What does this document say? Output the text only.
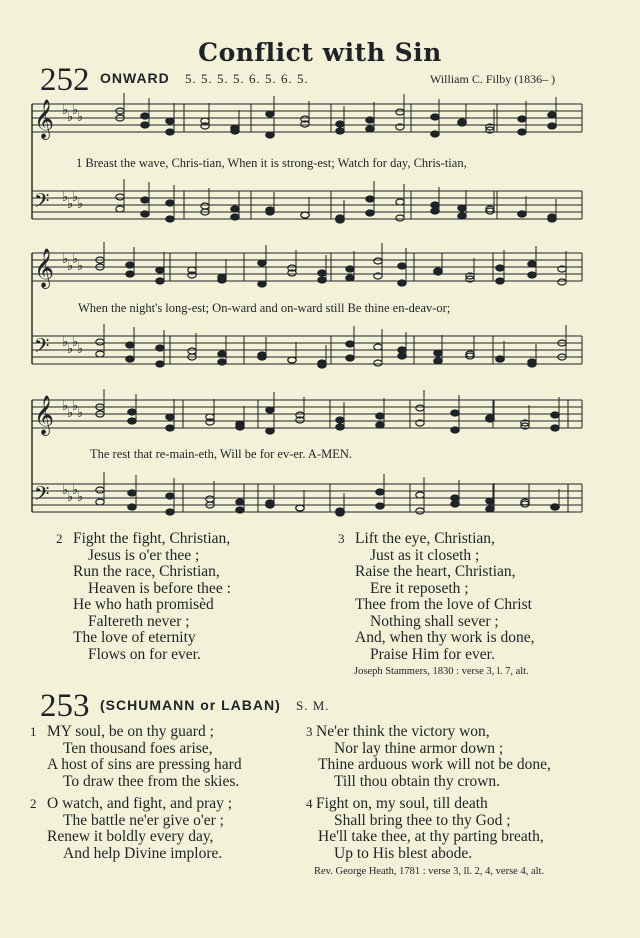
Conflict with Sin
252 ONWARD 5. 5. 5. 5. 6. 5. 6. 5.	William C. Filby (1836– )
𝄞 ♭
♭
♭
♭
𝄢 ♭
♭
♭
♭
𝄞 ♭
♭
♭
♭
𝄢 ♭
♭
♭
♭
𝄞 ♭
♭
♭
♭
𝄢 ♭
♭
♭
♭
1 Breast the wave, Chris-tian, When it is strong-est; Watch for day, Chris-tian,
When the night's long-est; On-ward and on-ward still Be thine en-deav-or;
The rest that re-main-eth, Will be for ev-er. A-MEN.
2 Fight the fight, Christian,
Jesus is o'er thee ;
Run the race, Christian,
Heaven is before thee :
He who hath promisèd
Faltereth never ;
The love of eternity
Flows on for ever.
3 Lift the eye, Christian,
Just as it closeth ;
Raise the heart, Christian,
Ere it reposeth ;
Thee from the love of Christ
Nothing shall sever ;
And, when thy work is done,
Praise Him for ever.
Joseph Stammers, 1830 : verse 3, l. 7, alt.
253 (SCHUMANN or LABAN) S. M.
1 MY soul, be on thy guard ;
Ten thousand foes arise,
A host of sins are pressing hard
To draw thee from the skies.
2 O watch, and fight, and pray ;
The battle ne'er give o'er ;
Renew it boldly every day,
And help Divine implore.
3 Ne'er think the victory won,
Nor lay thine armor down ;
Thine arduous work will not be done,
Till thou obtain thy crown.
4 Fight on, my soul, till death
Shall bring thee to thy God ;
He'll take thee, at thy parting breath,
Up to His blest abode.
Rev. George Heath, 1781 : verse 3, ll. 2, 4, verse 4, alt.
